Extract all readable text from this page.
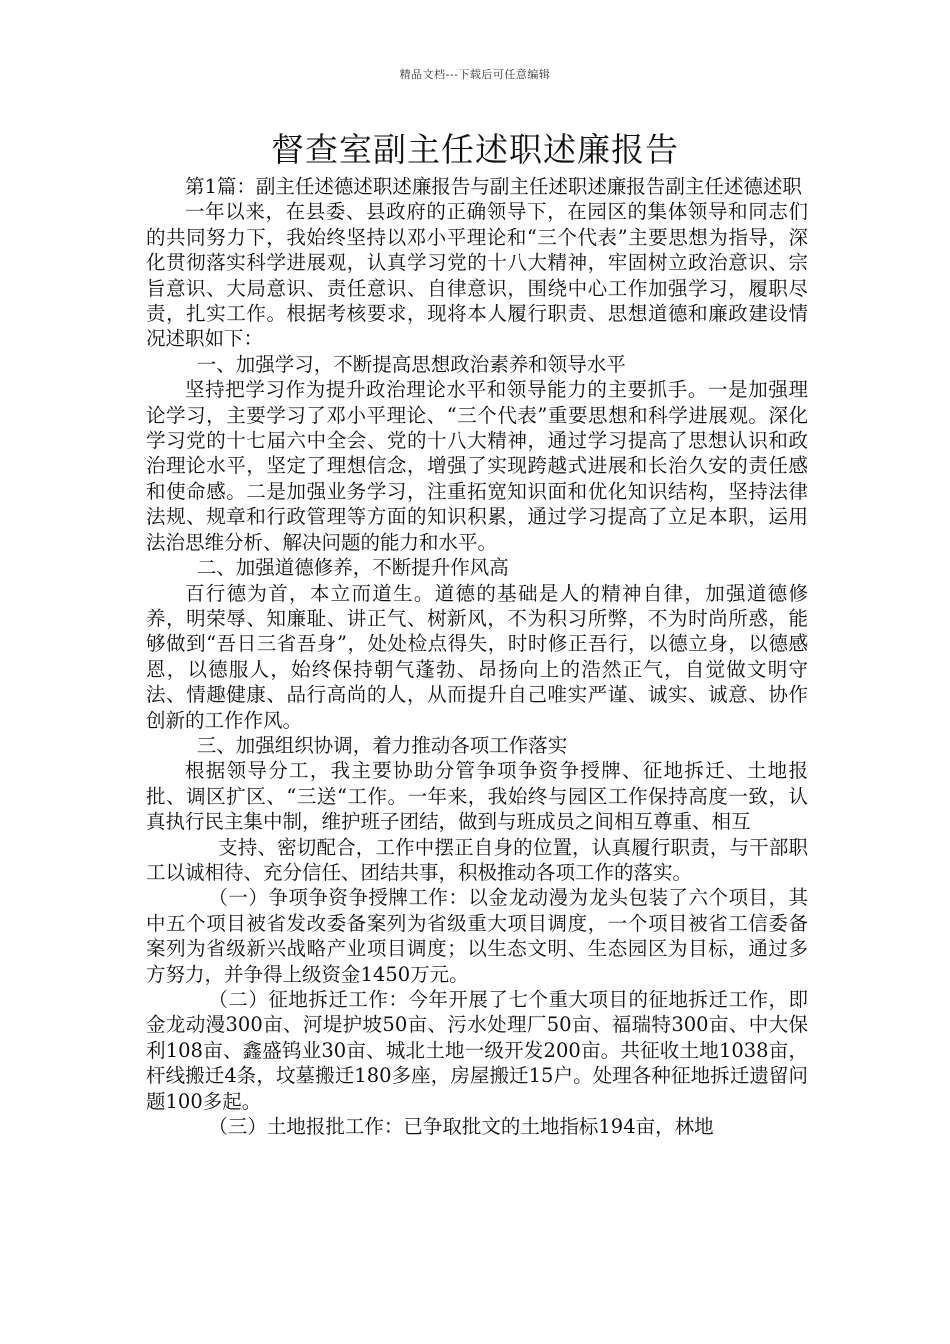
精品文档---下载后可任意编辑
督查室副主任述职述廉报告

第1篇：副主任述德述职述廉报告与副主任述职述廉报告副主任述德述职

一年以来，在县委、县政府的正确领导下，在园区的集体领导和同志们的共同努力下，我始终坚持以邓小平理论和“三个代表”主要思想为指导，深化贯彻落实科学进展观，认真学习党的十八大精神，牢固树立政治意识、宗旨意识、大局意识、责任意识、自律意识，围绕中心工作加强学习，履职尽责，扎实工作。根据考核要求，现将本人履行职责、思想道德和廉政建设情况述职如下：

一、加强学习，不断提高思想政治素养和领导水平

坚持把学习作为提升政治理论水平和领导能力的主要抓手。一是加强理论学习，主要学习了邓小平理论、“三个代表”重要思想和科学进展观。深化学习党的十七届六中全会、党的十八大精神，通过学习提高了思想认识和政治理论水平，坚定了理想信念，增强了实现跨越式进展和长治久安的责任感和使命感。二是加强业务学习，注重拓宽知识面和优化知识结构，坚持法律法规、规章和行政管理等方面的知识积累，通过学习提高了立足本职，运用法治思维分析、解决问题的能力和水平。

二、加强道德修养，不断提升作风高

百行德为首，本立而道生。道德的基础是人的精神自律，加强道德修养，明荣辱、知廉耻、讲正气、树新风，不为积习所弊，不为时尚所惑，能够做到“吾日三省吾身”，处处检点得失，时时修正吾行，以德立身，以德感恩，以德服人，始终保持朝气蓬勃、昂扬向上的浩然正气，自觉做文明守法、情趣健康、品行高尚的人，从而提升自己唯实严谨、诚实、诚意、协作创新的工作作风。

三、加强组织协调，着力推动各项工作落实

根据领导分工，我主要协助分管争项争资争授牌、征地拆迁、土地报批、调区扩区、“三送“工作。一年来，我始终与园区工作保持高度一致，认真执行民主集中制，维护班子团结，做到与班成员之间相互尊重、相互

支持、密切配合，工作中摆正自身的位置，认真履行职责，与干部职工以诚相待、充分信任、团结共事，积极推动各项工作的落实。

（一）争项争资争授牌工作：以金龙动漫为龙头包装了六个项目，其中五个项目被省发改委备案列为省级重大项目调度，一个项目被省工信委备案列为省级新兴战略产业项目调度；以生态文明、生态园区为目标，通过多方努力，并争得上级资金1450万元。

（二）征地拆迁工作：今年开展了七个重大项目的征地拆迁工作，即金龙动漫300亩、河堤护坡50亩、污水处理厂50亩、福瑞特300亩、中大保利108亩、鑫盛钨业30亩、城北土地一级开发200亩。共征收土地1038亩，杆线搬迁4条，坟墓搬迁180多座，房屋搬迁15户。处理各种征地拆迁遗留问题100多起。

（三）土地报批工作：已争取批文的土地指标194亩，林地
